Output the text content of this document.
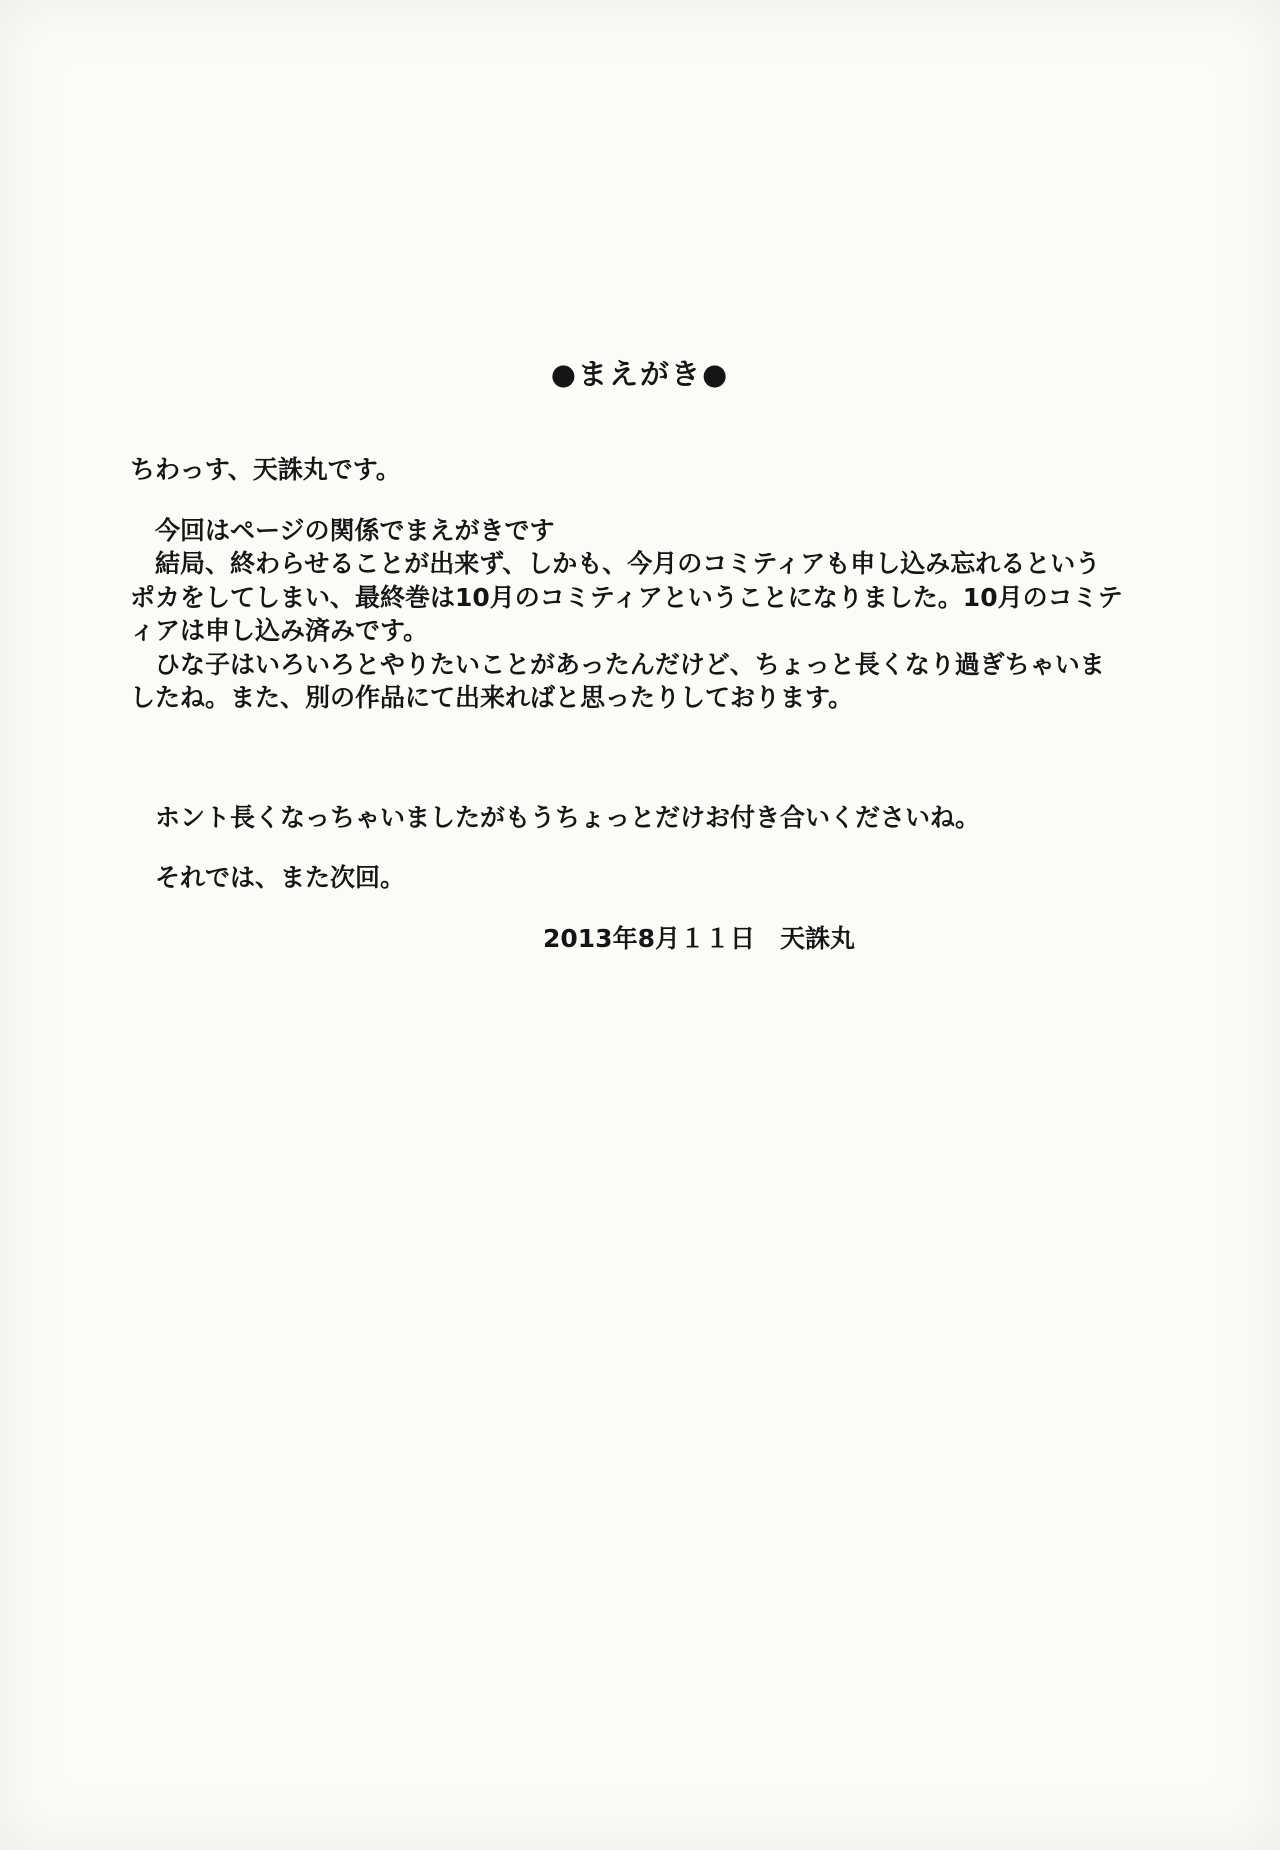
●まえがき●
ちわっす、天誅丸です。
　今回はページの関係でまえがきです
　結局、終わらせることが出来ず、しかも、今月のコミティアも申し込み忘れるという
ポカをしてしまい、最終巻は10月のコミティアということになりました。10月のコミテ
ィアは申し込み済みです。
　ひな子はいろいろとやりたいことがあったんだけど、ちょっと長くなり過ぎちゃいま
したね。また、別の作品にて出来ればと思ったりしております。
　ホント長くなっちゃいましたがもうちょっとだけお付き合いくださいね。
　それでは、また次回。
2013年8月１１日　天誅丸
